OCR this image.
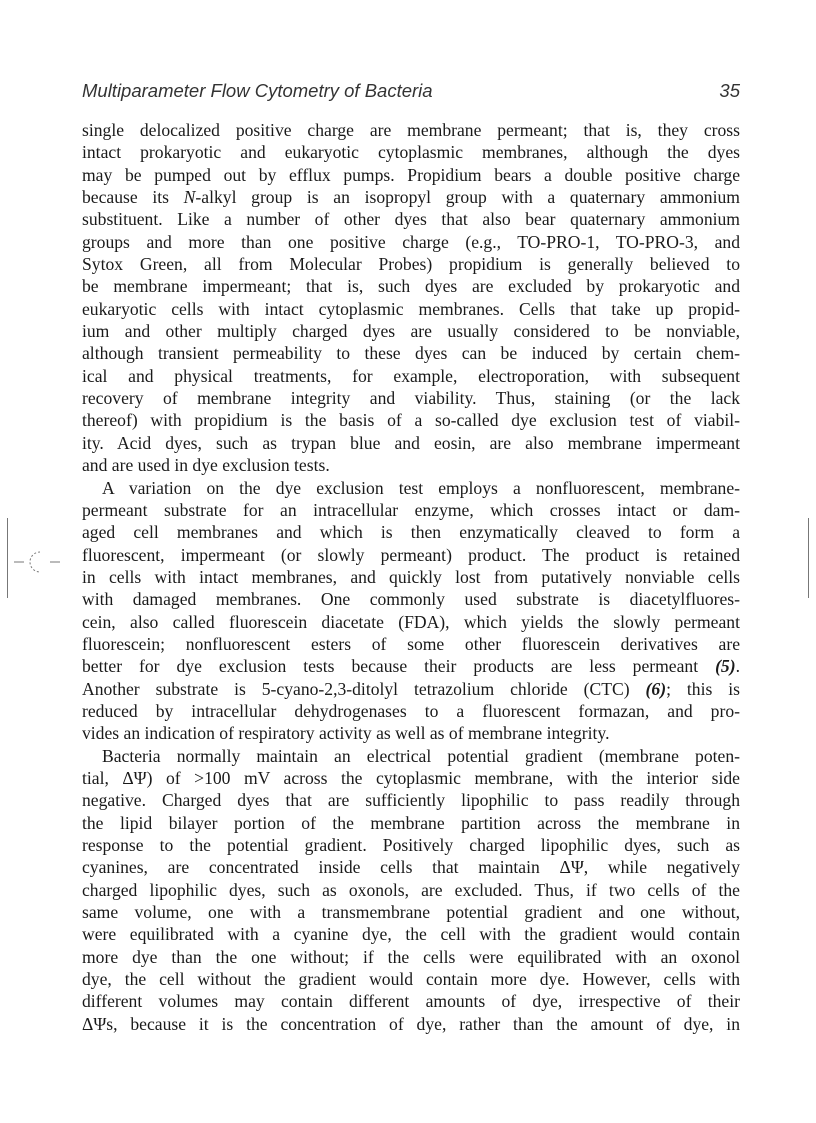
Multiparameter Flow Cytometry of Bacteria	35
single delocalized positive charge are membrane permeant; that is, they cross
intact prokaryotic and eukaryotic cytoplasmic membranes, although the dyes
may be pumped out by efflux pumps. Propidium bears a double positive charge
because its N-alkyl group is an isopropyl group with a quaternary ammonium
substituent. Like a number of other dyes that also bear quaternary ammonium
groups and more than one positive charge (e.g., TO-PRO-1, TO-PRO-3, and
Sytox Green, all from Molecular Probes) propidium is generally believed to
be membrane impermeant; that is, such dyes are excluded by prokaryotic and
eukaryotic cells with intact cytoplasmic membranes. Cells that take up propid-
ium and other multiply charged dyes are usually considered to be nonviable,
although transient permeability to these dyes can be induced by certain chem-
ical and physical treatments, for example, electroporation, with subsequent
recovery of membrane integrity and viability. Thus, staining (or the lack
thereof) with propidium is the basis of a so-called dye exclusion test of viabil-
ity. Acid dyes, such as trypan blue and eosin, are also membrane impermeant
and are used in dye exclusion tests.
A variation on the dye exclusion test employs a nonfluorescent, membrane-
permeant substrate for an intracellular enzyme, which crosses intact or dam-
aged cell membranes and which is then enzymatically cleaved to form a
fluorescent, impermeant (or slowly permeant) product. The product is retained
in cells with intact membranes, and quickly lost from putatively nonviable cells
with damaged membranes. One commonly used substrate is diacetylfluores-
cein, also called fluorescein diacetate (FDA), which yields the slowly permeant
fluorescein; nonfluorescent esters of some other fluorescein derivatives are
better for dye exclusion tests because their products are less permeant (5).
Another substrate is 5-cyano-2,3-ditolyl tetrazolium chloride (CTC) (6); this is
reduced by intracellular dehydrogenases to a fluorescent formazan, and pro-
vides an indication of respiratory activity as well as of membrane integrity.
Bacteria normally maintain an electrical potential gradient (membrane poten-
tial, ΔΨ) of >100 mV across the cytoplasmic membrane, with the interior side
negative. Charged dyes that are sufficiently lipophilic to pass readily through
the lipid bilayer portion of the membrane partition across the membrane in
response to the potential gradient. Positively charged lipophilic dyes, such as
cyanines, are concentrated inside cells that maintain ΔΨ, while negatively
charged lipophilic dyes, such as oxonols, are excluded. Thus, if two cells of the
same volume, one with a transmembrane potential gradient and one without,
were equilibrated with a cyanine dye, the cell with the gradient would contain
more dye than the one without; if the cells were equilibrated with an oxonol
dye, the cell without the gradient would contain more dye. However, cells with
different volumes may contain different amounts of dye, irrespective of their
ΔΨs, because it is the concentration of dye, rather than the amount of dye, in
